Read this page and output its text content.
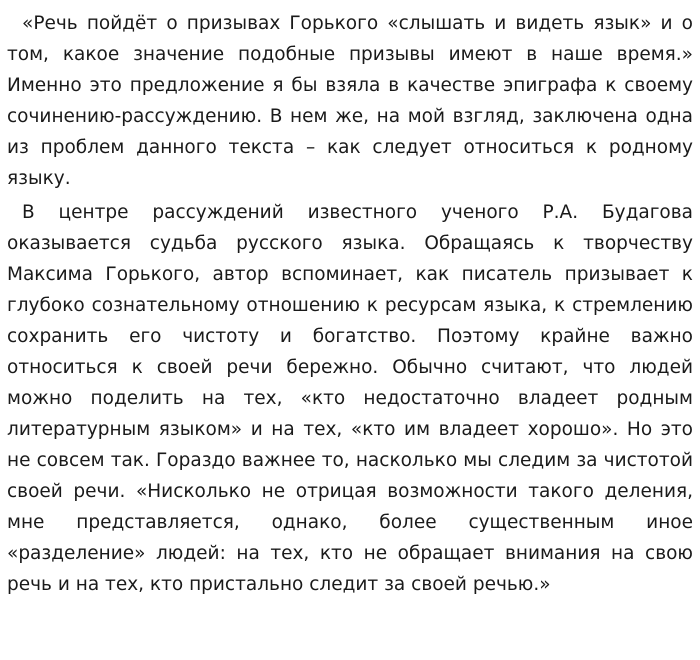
«Речь пойдёт о призывах Горького «слышать и видеть язык» и о том, какое значение подобные призывы имеют в наше время.» Именно это предложение я бы взяла в качестве эпиграфа к своему сочинению-рассуждению. В нем же, на мой взгляд, заключена одна из проблем данного текста – как следует относиться к родному языку.

В центре рассуждений известного ученого Р.А. Будагова оказывается судьба русского языка. Обращаясь к творчеству Максима Горького, автор вспоминает, как писатель призывает к глубоко сознательному отношению к ресурсам языка, к стремлению сохранить его чистоту и богатство. Поэтому крайне важно относиться к своей речи бережно. Обычно считают, что людей можно поделить на тех, «кто недостаточно владеет родным литературным языком» и на тех, «кто им владеет хорошо». Но это не совсем так. Гораздо важнее то, насколько мы следим за чистотой своей речи. «Нисколько не отрицая возможности такого деления, мне представляется, однако, более существенным иное «разделение» людей: на тех, кто не обращает внимания на свою речь и на тех, кто пристально следит за своей речью.»
